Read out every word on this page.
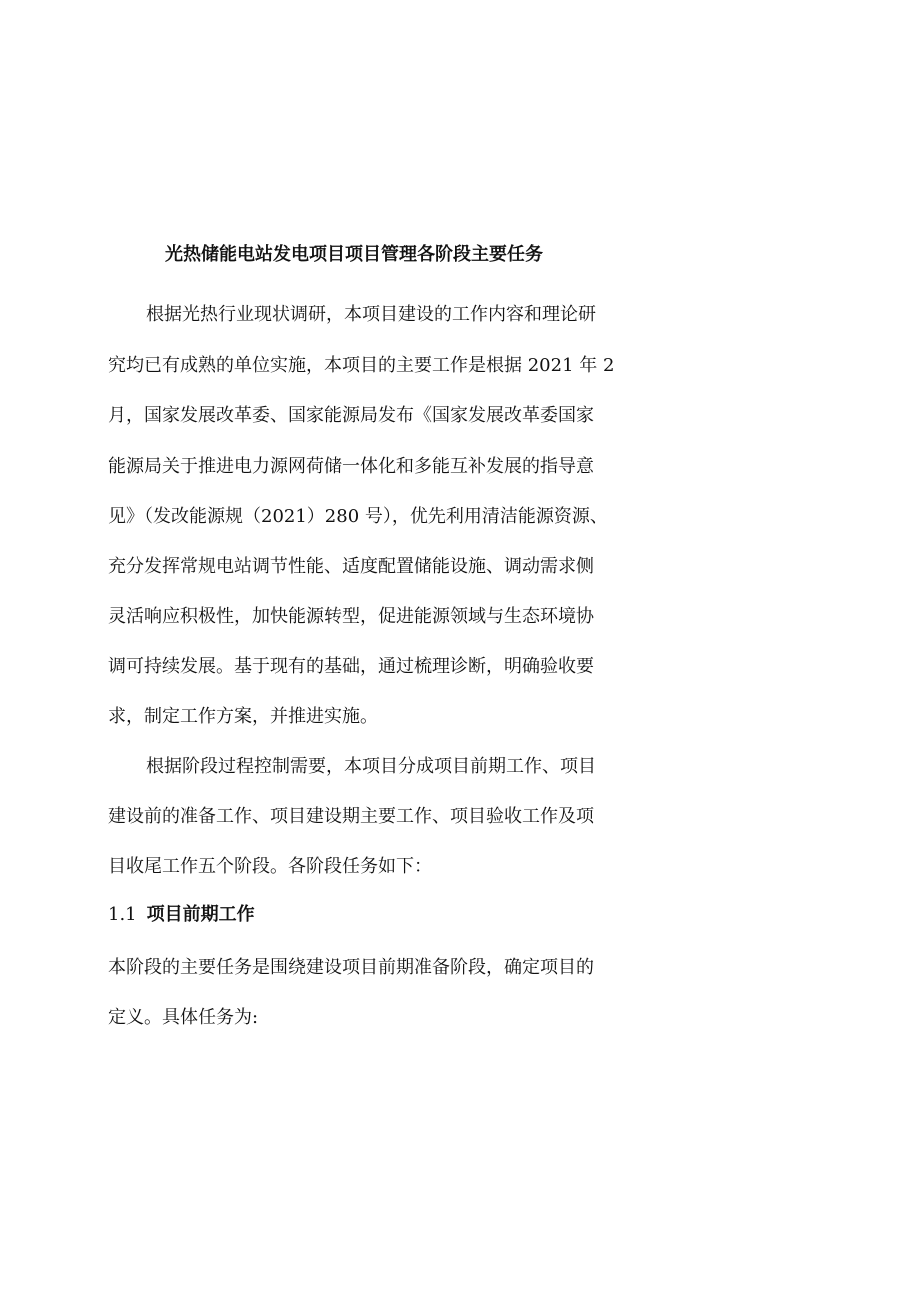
光热储能电站发电项目项目管理各阶段主要任务
根据光热行业现状调研，本项目建设的工作内容和理论研
究均已有成熟的单位实施，本项目的主要工作是根据 2021 年 2
月，国家发展改革委、国家能源局发布《国家发展改革委国家
能源局关于推进电力源网荷储一体化和多能互补发展的指导意
见》（发改能源规（2021）280 号），优先利用清洁能源资源、
充分发挥常规电站调节性能、适度配置储能设施、调动需求侧
灵活响应积极性，加快能源转型，促进能源领域与生态环境协
调可持续发展。基于现有的基础，通过梳理诊断，明确验收要
求，制定工作方案，并推进实施。
根据阶段过程控制需要，本项目分成项目前期工作、项目
建设前的准备工作、项目建设期主要工作、项目验收工作及项
目收尾工作五个阶段。各阶段任务如下：
1.1 项目前期工作
本阶段的主要任务是围绕建设项目前期准备阶段，确定项目的
定义。具体任务为:
